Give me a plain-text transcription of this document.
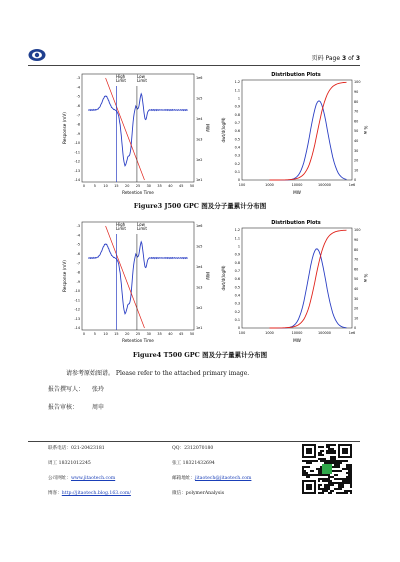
页码 Page 3 of 3
-3
-4
-5
-6
-7
-8
-9
-10
-11
-12
-13
-14
1e6
1e5
1e4
1e3
1e2
1e1
0	5 10 15 20 25 30 35 40 45 50
High Limit
Low Limit
Retention Time
Response (mV)	MW
Distribution Plots
1.2
1.1
1
0.9
0.8
0.7
0.6
0.5
0.4
0.3
0.2
0.1
0
100
90
80
70
60
50
40
30
20
10
0
100	1000	10000	100000	1e6
MW
dwt/d(logM)	% w
Figure3 J500 GPC 图及分子量累计分布图
-3
-4
-5
-6
-7
-8
-9
-10
-11
-12
-13
-14
1e6
1e5
1e4
1e3
1e2
1e1
0	5 10 15 20 25 30 35 40 45 50
High Limit
Low Limit
Retention Time
Response (mV)	MW
Distribution Plots
1.2
1.1
1
0.9
0.8
0.7
0.6
0.5
0.4
0.3
0.2
0.1
0
100
90
80
70
60
50
40
30
20
10
0
100	1000	10000	100000	1e6
MW
dwt/d(logM)	% w
Figure4 T500 GPC 图及分子量累计分布图
请参考原始图谱。 Please refer to the attached primary image.
报告撰写人： 张玲
报告审核： 周申
联系电话：021-20423181	QQ：2312070180
周工 18321012245	张工 18321432694
公司网址：www.jitaotech.com	邮箱地址：jitaotech@jitaotech.com
博客：http://jitaotech.blog.163.com/	微信：polymerAnalysis
